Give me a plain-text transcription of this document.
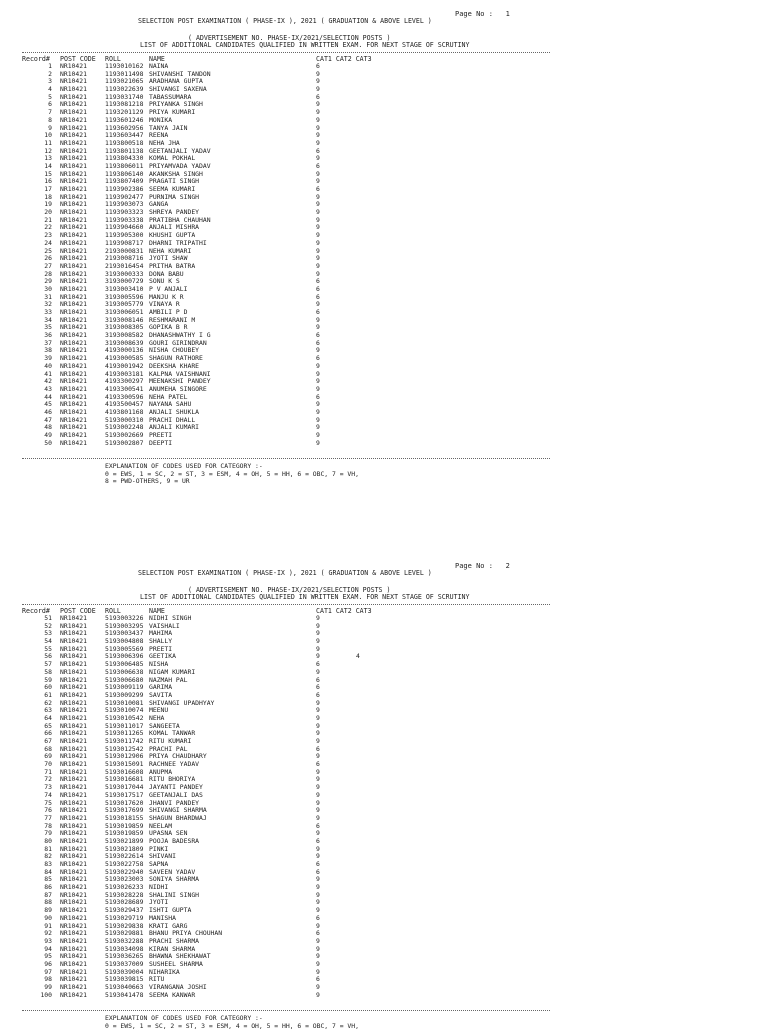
Page No : 1
SELECTION POST EXAMINATION ( PHASE-IX ), 2021 ( GRADUATION & ABOVE LEVEL )
( ADVERTISEMENT NO. PHASE-IX/2021/SELECTION POSTS )
LIST OF ADDITIONAL CANDIDATES QUALIFIED IN WRITTEN EXAM. FOR NEXT STAGE OF SCRUTINY
Record# POST CODE ROLL	NAME	CAT1 CAT2 CAT3
1 NR10421	1193010162 NAINA	6
2 NR10421	1193011498 SHIVANSHI TANDON	9
3 NR10421	1193021065 ARADHANA GUPTA	9
4 NR10421	1193022639 SHIVANGI SAXENA	9
5 NR10421	1193031740 TABASSUMARA	6
6 NR10421	1193081218 PRIYANKA SINGH	9
7 NR10421	1193201129 PRIYA KUMARI	9
8 NR10421	1193601246 MONIKA	9
9 NR10421	1193602956 TANYA JAIN	9
10 NR10421	1193603447 REENA	9
11 NR10421	1193800518 NEHA JHA	9
12 NR10421	1193801138 GEETANJALI YADAV	6
13 NR10421	1193804330 KOMAL POKHAL	9
14 NR10421	1193806011 PRIYAMVADA YADAV	6
15 NR10421	1193806140 AKANKSHA SINGH	9
16 NR10421	1193807409 PRAGATI SINGH	9
17 NR10421	1193902386 SEEMA KUMARI	6
18 NR10421	1193902477 PURNIMA SINGH	9
19 NR10421	1193903073 GANGA	9
20 NR10421	1193903323 SHREYA PANDEY	9
21 NR10421	1193903338 PRATIBHA CHAUHAN	9
22 NR10421	1193904660 ANJALI MISHRA	9
23 NR10421	1193905300 KHUSHI GUPTA	9
24 NR10421	1193908717 DHARNI TRIPATHI	9
25 NR10421	2193000831 NEHA KUMARI	9
26 NR10421	2193008716 JYOTI SHAW	9
27 NR10421	2193016454 PRITHA BATRA	9
28 NR10421	3193000333 DONA BABU	9
29 NR10421	3193000729 SONU K S	6
30 NR10421	3193003410 P V ANJALI	6
31 NR10421	3193005596 MANJU K R	6
32 NR10421	3193005779 VINAYA R	9
33 NR10421	3193006051 AMBILI P D	6
34 NR10421	3193008146 RESHMARANI M	9
35 NR10421	3193008305 GOPIKA B R	9
36 NR10421	3193008582 DHANASHWATHY I G	6
37 NR10421	3193008639 GOURI GIRINDRAN	6
38 NR10421	4193000136 NISHA CHOUBEY	9
39 NR10421	4193000585 SHAGUN RATHORE	6
40 NR10421	4193001942 DEEKSHA KHARE	9
41 NR10421	4193003181 KALPNA VAISHNANI	9
42 NR10421	4193300297 MEENAKSHI PANDEY	9
43 NR10421	4193300541 ANUMEHA SINGORE	9
44 NR10421	4193300596 NEHA PATEL	6
45 NR10421	4193500457 NAYANA SAHU	9
46 NR10421	4193801168 ANJALI SHUKLA	9
47 NR10421	5193000310 PRACHI DHALL	9
48 NR10421	5193002248 ANJALI KUMARI	9
49 NR10421	5193002669 PREETI	9
50 NR10421	5193002807 DEEPTI	9
EXPLANATION OF CODES USED FOR CATEGORY :-
0 = EWS, 1 = SC, 2 = ST, 3 = ESM, 4 = OH, 5 = HH, 6 = OBC, 7 = VH,
8 = PWD-OTHERS, 9 = UR
Page No : 2
SELECTION POST EXAMINATION ( PHASE-IX ), 2021 ( GRADUATION & ABOVE LEVEL )
( ADVERTISEMENT NO. PHASE-IX/2021/SELECTION POSTS )
LIST OF ADDITIONAL CANDIDATES QUALIFIED IN WRITTEN EXAM. FOR NEXT STAGE OF SCRUTINY
Record# POST CODE ROLL	NAME	CAT1 CAT2 CAT3
51 NR10421	5193003226 NIDHI SINGH	9
52 NR10421	5193003295 VAISHALI	9
53 NR10421	5193003437 MAHIMA	9
54 NR10421	5193004808 SHALLY	9
55 NR10421	5193005569 PREETI	9
56 NR10421	5193006396 GEETIKA	9	4
57 NR10421	5193006485 NISHA	6
58 NR10421	5193006638 NIGAM KUMARI	9
59 NR10421	5193006680 NAZMAH PAL	6
60 NR10421	5193009119 GARIMA	6
61 NR10421	5193009299 SAVITA	6
62 NR10421	5193010081 SHIVANGI UPADHYAY	9
63 NR10421	5193010074 MEENU	9
64 NR10421	5193010542 NEHA	9
65 NR10421	5193011017 SANGEETA	9
66 NR10421	5193011265 KOMAL TANWAR	9
67 NR10421	5193011742 RITU KUMARI	9
68 NR10421	5193012542 PRACHI PAL	6
69 NR10421	5193012906 PRIYA CHAUDHARY	9
70 NR10421	5193015091 RACHNEE YADAV	6
71 NR10421	5193016608 ANUPMA	9
72 NR10421	5193016681 RITU BHORIYA	9
73 NR10421	5193017044 JAYANTI PANDEY	9
74 NR10421	5193017517 GEETANJALI DAS	9
75 NR10421	5193017620 JHANVI PANDEY	9
76 NR10421	5193017699 SHIVANGI SHARMA	9
77 NR10421	5193018155 SHAGUN BHARDWAJ	9
78 NR10421	5193019859 NEELAM	6
79 NR10421	5193019859 UPASNA SEN	9
80 NR10421	5193021899 POOJA BADESRA	6
81 NR10421	5193021809 PINKI	9
82 NR10421	5193022614 SHIVANI	9
83 NR10421	5193022758 SAPNA	6
84 NR10421	5193022940 SAVEEN YADAV	6
85 NR10421	5193023003 SONIYA SHARMA	9
86 NR10421	5193026233 NIDHI	9
87 NR10421	5193028228 SHALINI SINGH	9
88 NR10421	5193028689 JYOTI	9
89 NR10421	5193029437 ISHTI GUPTA	9
90 NR10421	5193029719 MANISHA	6
91 NR10421	5193029838 KRATI GARG	9
92 NR10421	5193029881 BHANU PRIYA CHOUHAN	6
93 NR10421	5193032288 PRACHI SHARMA	9
94 NR10421	5193034098 KIRAN SHARMA	9
95 NR10421	5193036265 BHAWNA SHEKHAWAT	9
96 NR10421	5193037009 SUSHEEL SHARMA	9
97 NR10421	5193039004 NIHARIKA	9
98 NR10421	5193039815 RITU	6
99 NR10421	5193040663 VIRANGANA JOSHI	9
100 NR10421	5193041478 SEEMA KANWAR	9
EXPLANATION OF CODES USED FOR CATEGORY :-
0 = EWS, 1 = SC, 2 = ST, 3 = ESM, 4 = OH, 5 = HH, 6 = OBC, 7 = VH,
